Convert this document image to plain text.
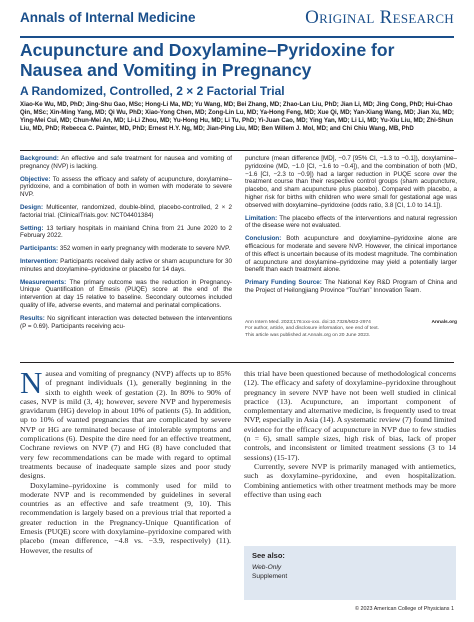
Annals of Internal Medicine	Original Research
Acupuncture and Doxylamine–Pyridoxine for Nausea and Vomiting in Pregnancy
A Randomized, Controlled, 2 × 2 Factorial Trial
Xiao-Ke Wu, MD, PhD; Jing-Shu Gao, MSc; Hong-Li Ma, MD; Yu Wang, MD; Bei Zhang, MD; Zhao-Lan Liu, PhD; Jian Li, MD; Jing Cong, PhD; Hui-Chao Qin, MSc; Xin-Ming Yang, MD; Qi Wu, PhD; Xiao-Yong Chen, MD; Zong-Lin Lu, MD; Ya-Hong Feng, MD; Xue Qi, MD; Yan-Xiang Wang, MD; Jian Xu, MD; Ying-Mei Cui, MD; Chun-Mei An, MD; Li-Li Zhou, MD; Yu-Hong Hu, MD; Li Tu, PhD; Yi-Juan Cao, MD; Ying Yan, MD; Li Li, MD; Yu-Xiu Liu, MD; Zhi-Shun Liu, MD, PhD; Rebecca C. Painter, MD, PhD; Ernest H.Y. Ng, MD; Jian-Ping Liu, MD; Ben Willem J. Mol, MD; and Chi Chiu Wang, MB, PhD

Background: An effective and safe treatment for nausea and vomiting of pregnancy (NVP) is lacking.

Objective: To assess the efficacy and safety of acupuncture, doxylamine–pyridoxine, and a combination of both in women with moderate to severe NVP.

Design: Multicenter, randomized, double-blind, placebo-controlled, 2 × 2 factorial trial. (ClinicalTrials.gov: NCT04401384)

Setting: 13 tertiary hospitals in mainland China from 21 June 2020 to 2 February 2022.

Participants: 352 women in early pregnancy with moderate to severe NVP.

Intervention: Participants received daily active or sham acupuncture for 30 minutes and doxylamine–pyridoxine or placebo for 14 days.

Measurements: The primary outcome was the reduction in Pregnancy-Unique Quantification of Emesis (PUQE) score at the end of the intervention at day 15 relative to baseline. Secondary outcomes included quality of life, adverse events, and maternal and perinatal complications.

Results: No significant interaction was detected between the interventions (P = 0.69). Participants receiving acu-

puncture (mean difference [MD], −0.7 [95% CI, −1.3 to −0.1]), doxylamine–pyridoxine (MD, −1.0 [CI, −1.6 to −0.4]), and the combination of both (MD, −1.6 [CI, −2.3 to −0.9]) had a larger reduction in PUQE score over the treatment course than their respective control groups (sham acupuncture, placebo, and sham acupuncture plus placebo). Compared with placebo, a higher risk for births with children who were small for gestational age was observed with doxylamine–pyridoxine (odds ratio, 3.8 [CI, 1.0 to 14.1]).

Limitation: The placebo effects of the interventions and natural regression of the disease were not evaluated.

Conclusion: Both acupuncture and doxylamine–pyridoxine alone are efficacious for moderate and severe NVP. However, the clinical importance of this effect is uncertain because of its modest magnitude. The combination of acupuncture and doxylamine–pyridoxine may yield a potentially larger benefit than each treatment alone.

Primary Funding Source: The National Key R&D Program of China and the Project of Heilongjiang Province “TouYan” Innovation Team.

Ann Intern Med. 2023;176:xxx-xxx. doi:10.7326/M22-2974	Annals.org
For author, article, and disclosure information, see end of text.
This article was published at Annals.org on 20 June 2023.

Nausea and vomiting of pregnancy (NVP) affects up to 85% of pregnant individuals (1), generally beginning in the sixth to eighth week of gestation (2). In 80% to 90% of cases, NVP is mild (3, 4); however, severe NVP and hyperemesis gravidarum (HG) develop in about 10% of patients (5). In addition, up to 10% of wanted pregnancies that are complicated by severe NVP or HG are terminated because of intolerable symptoms and complications (6). Despite the dire need for an effective treatment, Cochrane reviews on NVP (7) and HG (8) have concluded that very few recommendations can be made with regard to optimal treatments because of inadequate sample sizes and poor study designs.

Doxylamine–pyridoxine is commonly used for mild to moderate NVP and is recommended by guidelines in several countries as an effective and safe treatment (9, 10). This recommendation is largely based on a previous trial that reported a greater reduction in the Pregnancy-Unique Quantification of Emesis (PUQE) score with doxylamine–pyridoxine compared with placebo (mean difference, −4.8 vs. −3.9, respectively) (11). However, the results of

this trial have been questioned because of methodological concerns (12). The efficacy and safety of doxylamine–pyridoxine throughout pregnancy in severe NVP have not been well studied in clinical practice (13). Acupuncture, an important component of complementary and alternative medicine, is frequently used to treat NVP, especially in Asia (14). A systematic review (7) found limited evidence for the efficacy of acupuncture in NVP due to few studies (n = 6), small sample sizes, high risk of bias, lack of proper controls, and inconsistent or limited treatment sessions (3 to 14 sessions) (15-17).

Currently, severe NVP is primarily managed with antiemetics, such as doxylamine–pyridoxine, and even hospitalization. Combining antiemetics with other treatment methods may be more effective than using each

See also:
Web-Only
Supplement
© 2023 American College of Physicians 1
